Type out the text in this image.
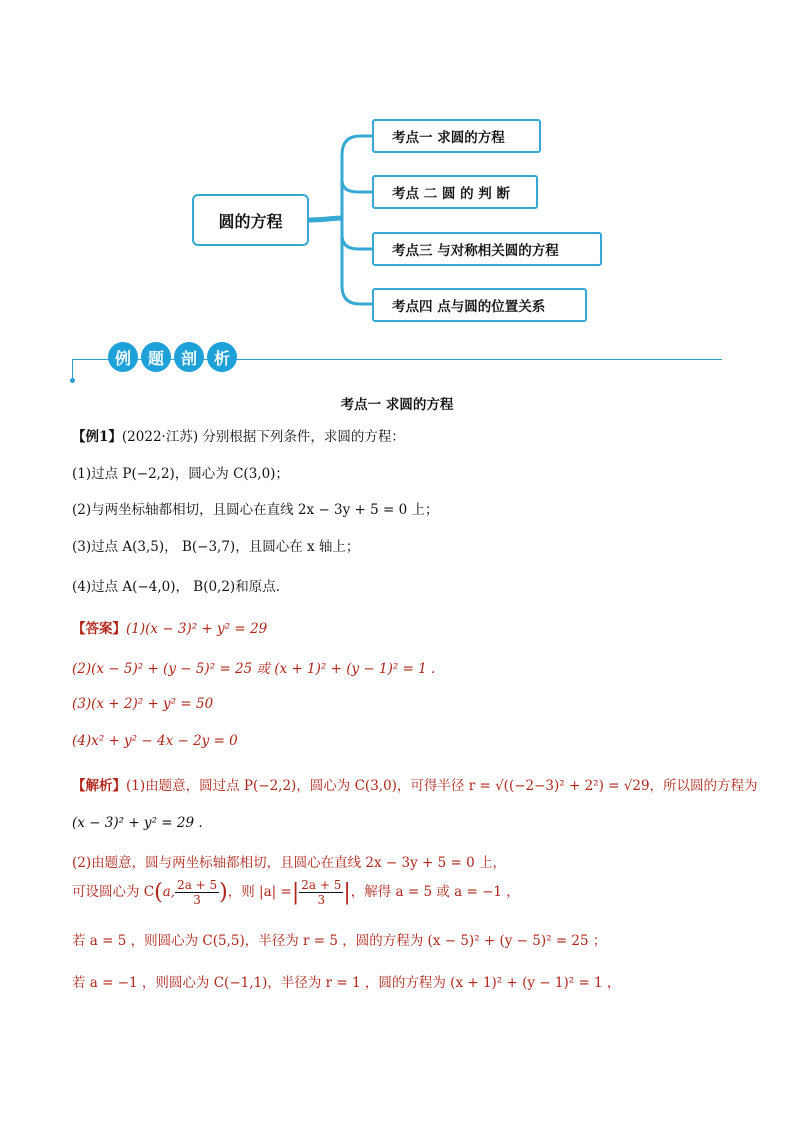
圆的方程
考点一 求圆的方程
考点 二 圆 的 判 断
考点三 与对称相关圆的方程
考点四 点与圆的位置关系
例	题	剖	析
考点一 求圆的方程
【例1】(2022·江苏) 分别根据下列条件，求圆的方程：
(1)过点 P(−2,2)，圆心为 C(3,0)；
(2)与两坐标轴都相切，且圆心在直线 2x − 3y + 5 = 0 上；
(3)过点 A(3,5)， B(−3,7)，且圆心在 x 轴上；
(4)过点 A(−4,0)， B(0,2)和原点.
【答案】(1)(x − 3)² + y² = 29
(2)(x − 5)² + (y − 5)² = 25 或 (x + 1)² + (y − 1)² = 1 .
(3)(x + 2)² + y² = 50
(4)x² + y² − 4x − 2y = 0
【解析】(1)由题意，圆过点 P(−2,2)，圆心为 C(3,0)，可得半径 r = √((−2−3)² + 2²) = √29，所以圆的方程为
(x − 3)² + y² = 29 .
(2)由题意，圆与两坐标轴都相切，且圆心在直线 2x − 3y + 5 = 0 上，
可设圆心为 C(a, $\frac{2a + 5}{3}$ )，则 |a| =| $\frac{2a + 5}{3}$ |，解得 a = 5 或 a = −1 ，
若 a = 5 ，则圆心为 C(5,5)，半径为 r = 5 ，圆的方程为 (x − 5)² + (y − 5)² = 25 ；
若 a = −1 ，则圆心为 C(−1,1)，半径为 r = 1 ，圆的方程为 (x + 1)² + (y − 1)² = 1 ，
